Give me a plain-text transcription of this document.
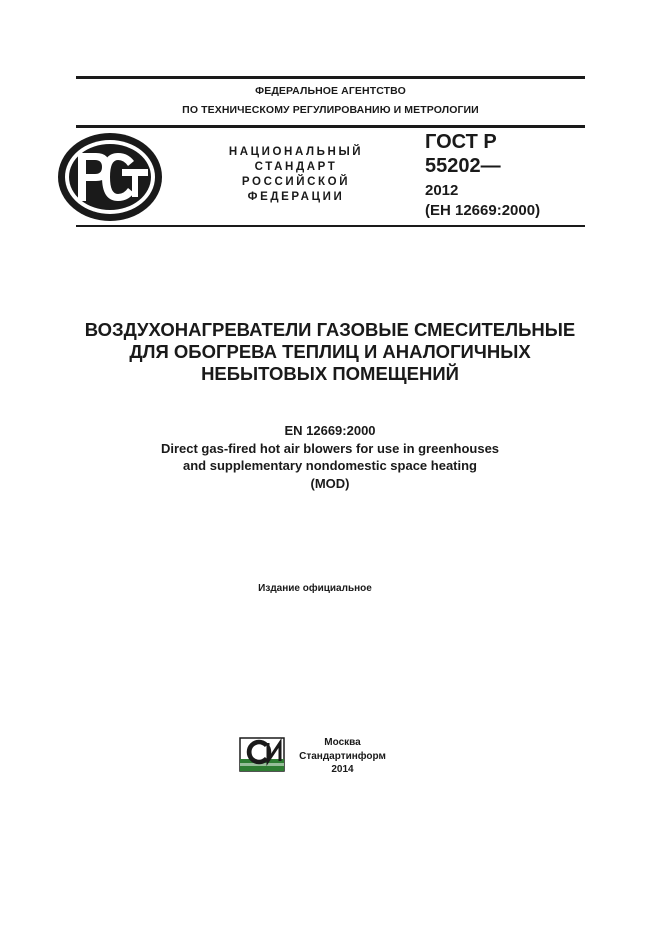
ФЕДЕРАЛЬНОЕ АГЕНТСТВО
ПО ТЕХНИЧЕСКОМУ РЕГУЛИРОВАНИЮ И МЕТРОЛОГИИ
НАЦИОНАЛЬНЫЙ
СТАНДАРТ
РОССИЙСКОЙ
ФЕДЕРАЦИИ
ГОСТ Р
55202—
2012
(ЕН 12669:2000)
ВОЗДУХОНАГРЕВАТЕЛИ ГАЗОВЫЕ СМЕСИТЕЛЬНЫЕ
ДЛЯ ОБОГРЕВА ТЕПЛИЦ И АНАЛОГИЧНЫХ
НЕБЫТОВЫХ ПОМЕЩЕНИЙ
EN 12669:2000
Direct gas-fired hot air blowers for use in greenhouses
and supplementary nondomestic space heating
(MOD)
Издание официальное
Москва
Стандартинформ
2014
